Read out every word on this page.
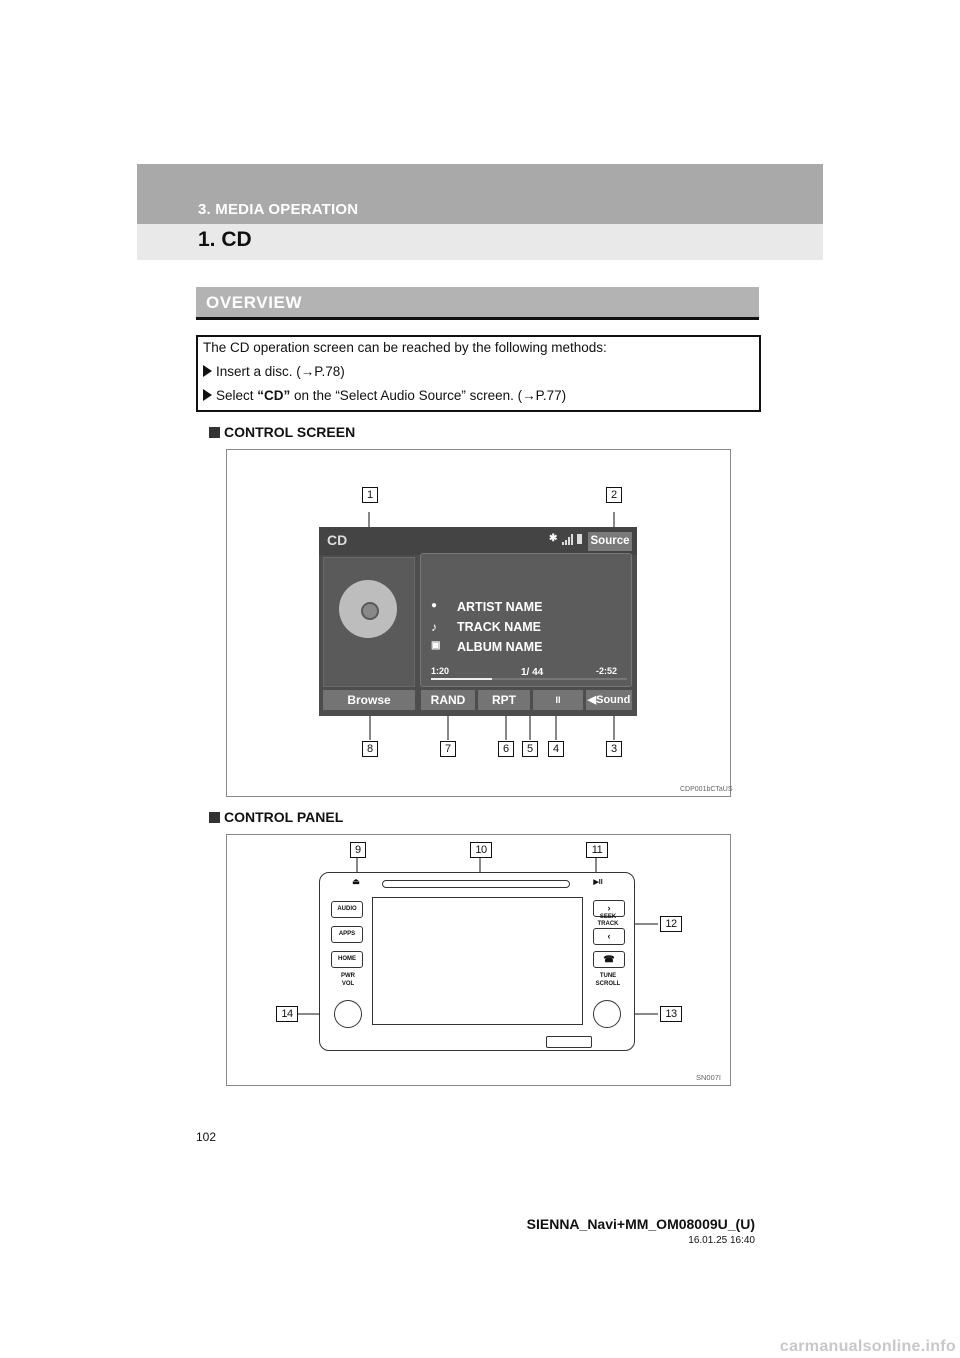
3. MEDIA OPERATION
1. CD
OVERVIEW
The CD operation screen can be reached by the following methods:
Insert a disc. (→P.78)
Select “CD” on the “Select Audio Source” screen. (→P.77)
CONTROL SCREEN
CDP001bCTaUS
CD	✱	Source
● ARTIST NAME
♪ TRACK NAME
▣ ALBUM NAME
1/ 44
1:20	-2:52
Browse	RAND	RPT	II	◀Sound
1	2
3
4
5
6
7
8
CONTROL PANEL
SN007I
⏏	▶II
AUDIO
APPS
HOME
PWR
VOL
›
SEEK
TRACK
‹
☎
TUNE
SCROLL
9	10	11
12
13
14
102
SIENNA_Navi+MM_OM08009U_(U)
16.01.25 16:40
carmanualsonline.info
